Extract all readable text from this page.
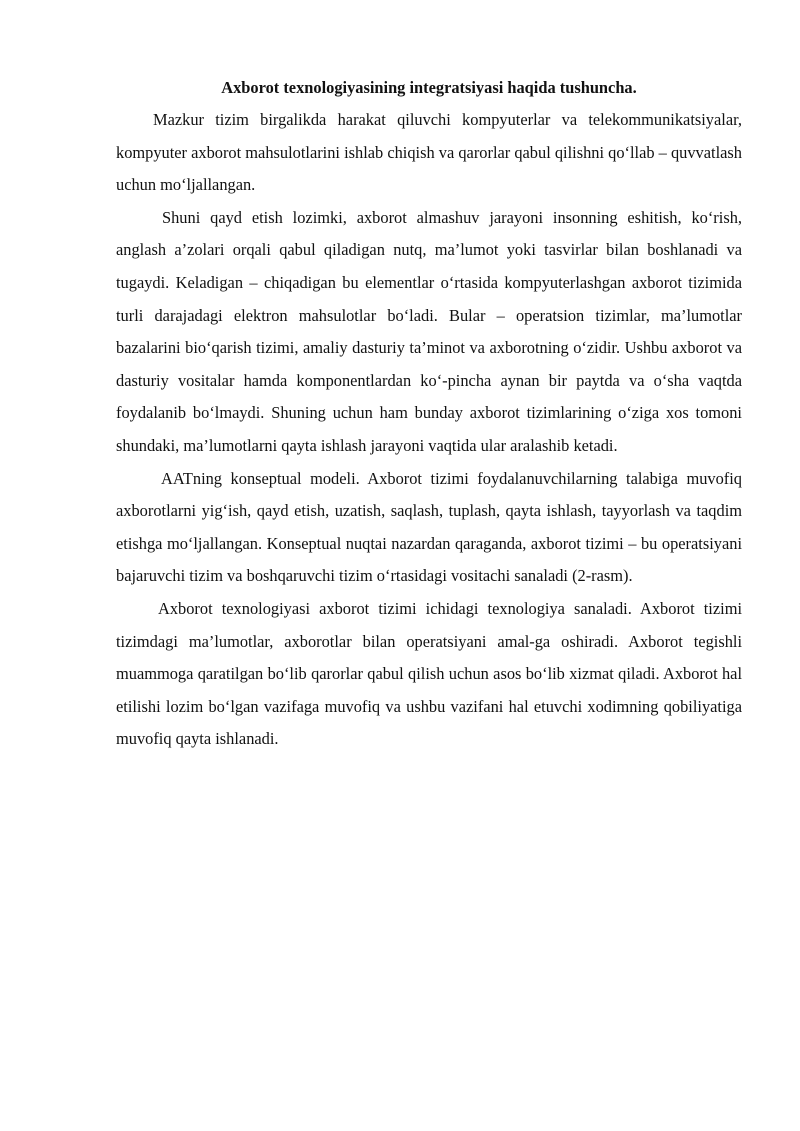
Axborot texnologiyasining integratsiyasi haqida tushuncha.

Mazkur tizim birgalikda harakat qiluvchi kompyuterlar va telekommunikatsiyalar, kompyuter axborot mahsulotlarini ishlab chiqish va qarorlar qabul qilishni qo‘llab – quvvatlash uchun mo‘ljallangan.

Shuni qayd etish lozimki, axborot almashuv jarayoni insonning eshitish, ko‘rish, anglash a’zolari orqali qabul qiladigan nutq, ma’lumot yoki tasvirlar bilan boshlanadi va tugaydi. Keladigan – chiqadigan bu elementlar o‘rtasida kompyuterlashgan axborot tizimida turli darajadagi elektron mahsulotlar bo‘ladi. Bular – operatsion tizimlar, ma’lumotlar bazalarini bio‘qarish tizimi, amaliy dasturiy ta’minot va axborotning o‘zidir. Ushbu axborot va dasturiy vositalar hamda komponentlardan ko‘-pincha aynan bir paytda va o‘sha vaqtda foydalanib bo‘lmaydi. Shuning uchun ham bunday axborot tizimlarining o‘ziga xos tomoni shundaki, ma’lumotlarni qayta ishlash jarayoni vaqtida ular aralashib ketadi.

AATning konseptual modeli. Axborot tizimi foydalanuvchilarning talabiga muvofiq axborotlarni yig‘ish, qayd etish, uzatish, saqlash, tuplash, qayta ishlash, tayyorlash va taqdim etishga mo‘ljallangan. Konseptual nuqtai nazardan qaraganda, axborot tizimi – bu operatsiyani bajaruvchi tizim va boshqaruvchi tizim o‘rtasidagi vositachi sanaladi (2-rasm).

Axborot texnologiyasi axborot tizimi ichidagi texnologiya sanaladi. Axborot tizimi tizimdagi ma’lumotlar, axborotlar bilan operatsiyani amal-ga oshiradi. Axborot tegishli muammoga qaratilgan bo‘lib qarorlar qabul qilish uchun asos bo‘lib xizmat qiladi. Axborot hal etilishi lozim bo‘lgan vazifaga muvofiq va ushbu vazifani hal etuvchi xodimning qobiliyatiga muvofiq qayta ishlanadi.
